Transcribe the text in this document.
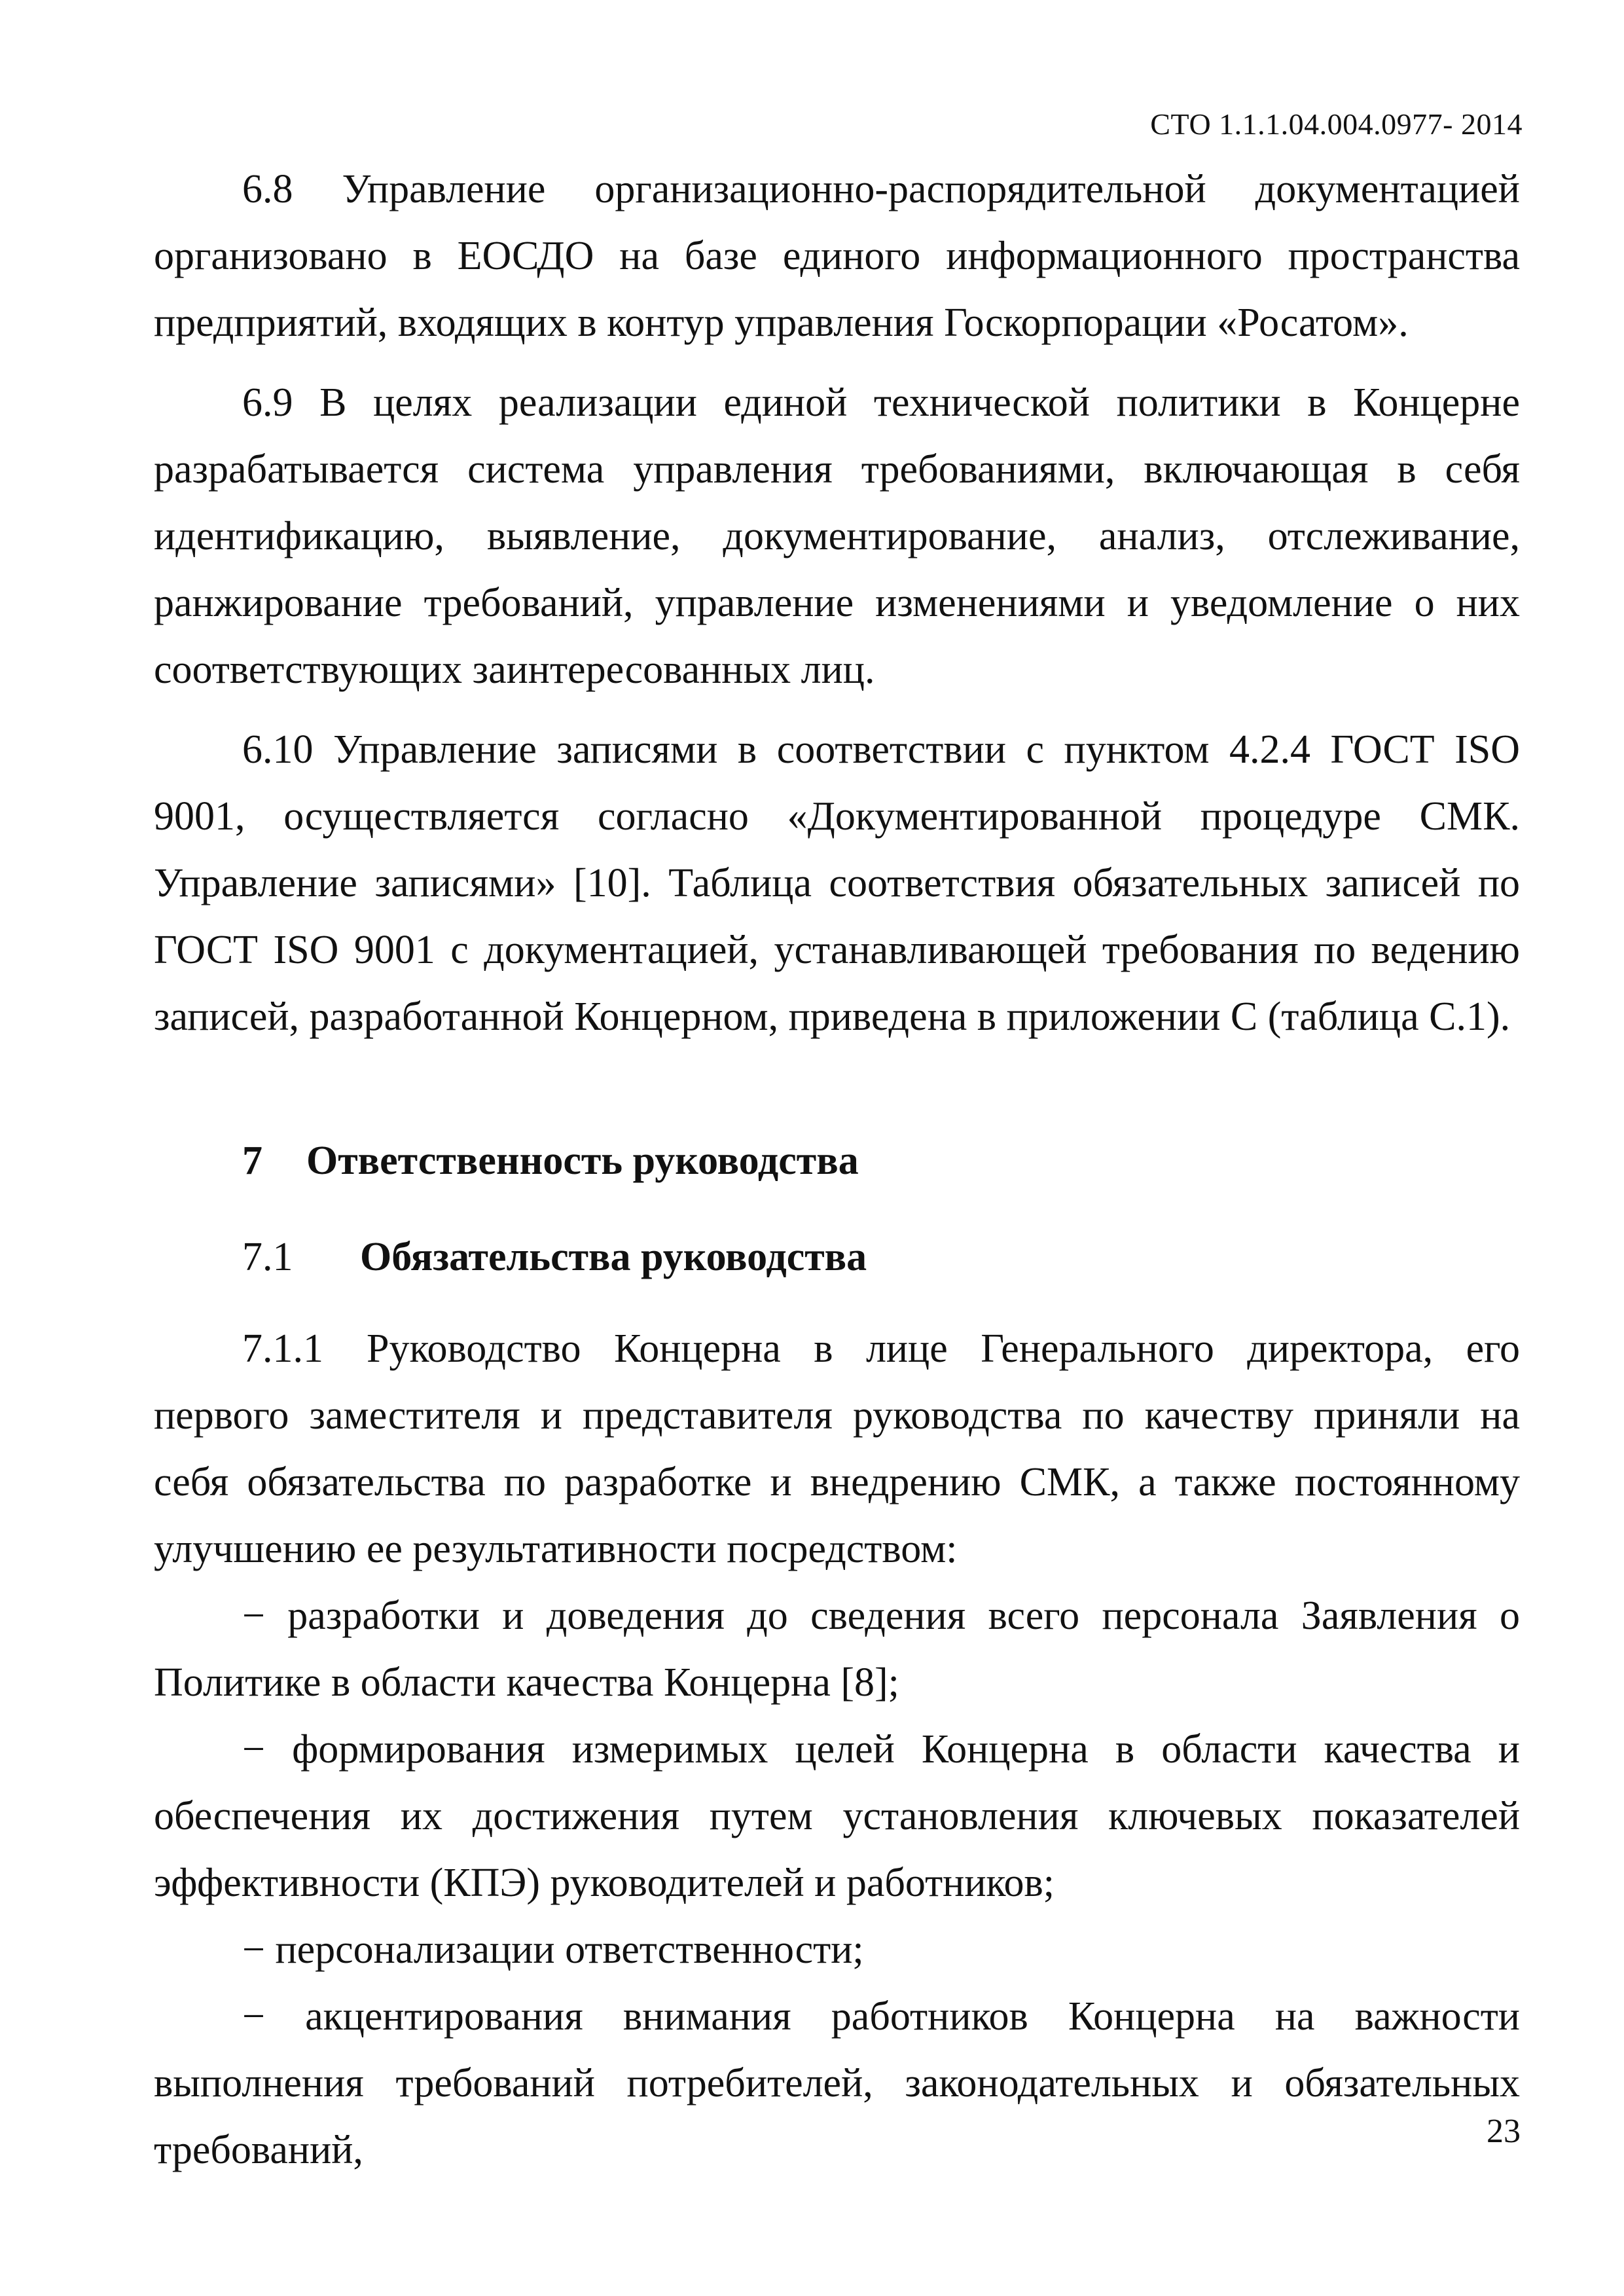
СТО 1.1.1.04.004.0977- 2014

6.8 Управление организационно-распорядительной документацией организовано в ЕОСДО на базе единого информационного пространства предприятий, входящих в контур управления Госкорпорации «Росатом».

6.9 В целях реализации единой технической политики в Концерне разрабатывается система управления требованиями, включающая в себя идентификацию, выявление, документирование, анализ, отслеживание, ранжирование требований, управление изменениями и уведомление о них соответствующих заинтересованных лиц.

6.10 Управление записями в соответствии с пунктом 4.2.4 ГОСТ ISO 9001, осуществляется согласно «Документированной процедуре СМК. Управление записями» [10]. Таблица соответствия обязательных записей по ГОСТ ISO 9001 с документацией, устанавливающей требования по ведению записей, разработанной Концерном, приведена в приложении С (таблица С.1).

7 Ответственность руководства
7.1 Обязательства руководства

7.1.1 Руководство Концерна в лице Генерального директора, его первого заместителя и представителя руководства по качеству приняли на себя обязательства по разработке и внедрению СМК, а также постоянному улучшению ее результативности посредством:

− разработки и доведения до сведения всего персонала Заявления о Политике в области качества Концерна [8];

− формирования измеримых целей Концерна в области качества и обеспечения их достижения путем установления ключевых показателей эффективности (КПЭ) руководителей и работников;

− персонализации ответственности;

− акцентирования внимания работников Концерна на важности выполнения требований потребителей, законодательных и обязательных требований,	23
